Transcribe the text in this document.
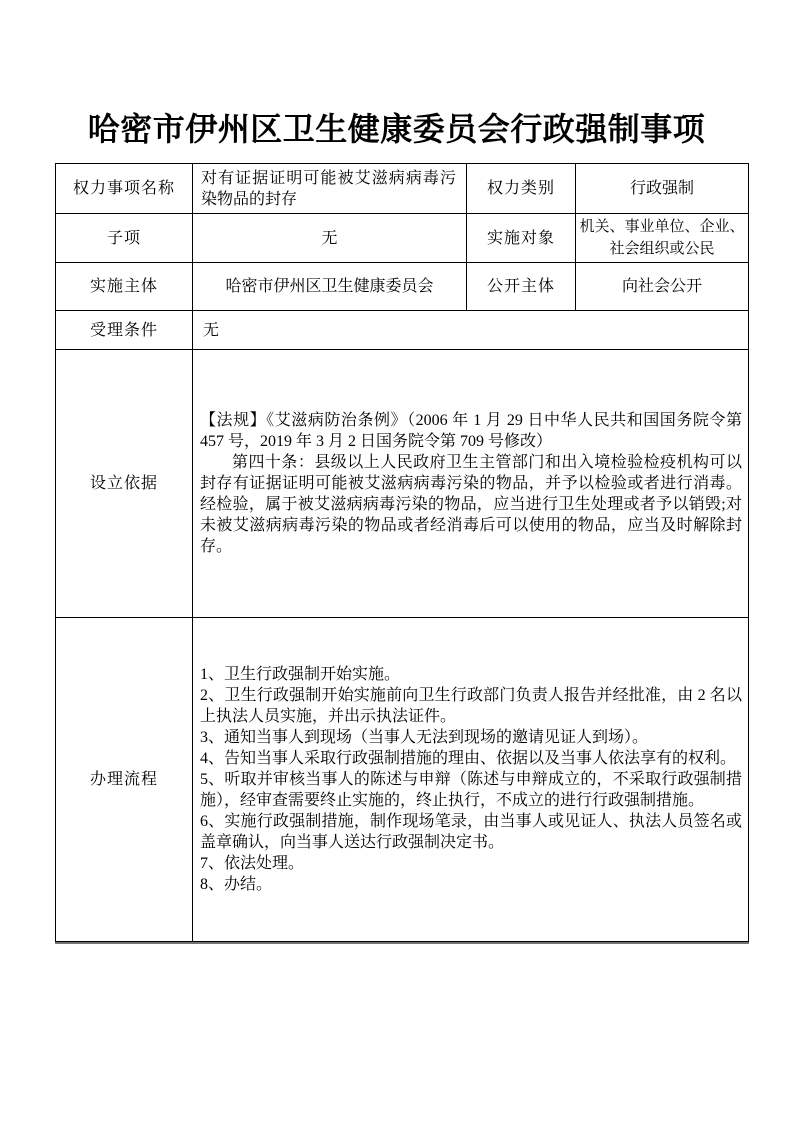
哈密市伊州区卫生健康委员会行政强制事项
权力事项名称	对有证据证明可能被艾滋病病毒污染物品的封存	权力类别	行政强制
子项	无	实施对象	机关、事业单位、企业、社会组织或公民
实施主体	哈密市伊州区卫生健康委员会	公开主体	向社会公开
受理条件	无		
设立依据	【法规】《艾滋病防治条例》（2006 年 1 月 29 日中华人民共和国国务院令第 457 号，2019 年 3 月 2 日国务院令第 709 号修改）
第四十条：县级以上人民政府卫生主管部门和出入境检验检疫机构可以封存有证据证明可能被艾滋病病毒污染的物品，并予以检验或者进行消毒。经检验，属于被艾滋病病毒污染的物品，应当进行卫生处理或者予以销毁;对未被艾滋病病毒污染的物品或者经消毒后可以使用的物品，应当及时解除封存。		

办理流程	
1、卫生行政强制开始实施。
2、卫生行政强制开始实施前向卫生行政部门负责人报告并经批准，由 2 名以上执法人员实施，并出示执法证件。
3、通知当事人到现场（当事人无法到现场的邀请见证人到场）。
4、告知当事人采取行政强制措施的理由、依据以及当事人依法享有的权利。
5、听取并审核当事人的陈述与申辩（陈述与申辩成立的，不采取行政强制措施），经审查需要终止实施的，终止执行，不成立的进行行政强制措施。
6、实施行政强制措施，制作现场笔录，由当事人或见证人、执法人员签名或盖章确认，向当事人送达行政强制决定书。
7、依法处理。
8、办结。
